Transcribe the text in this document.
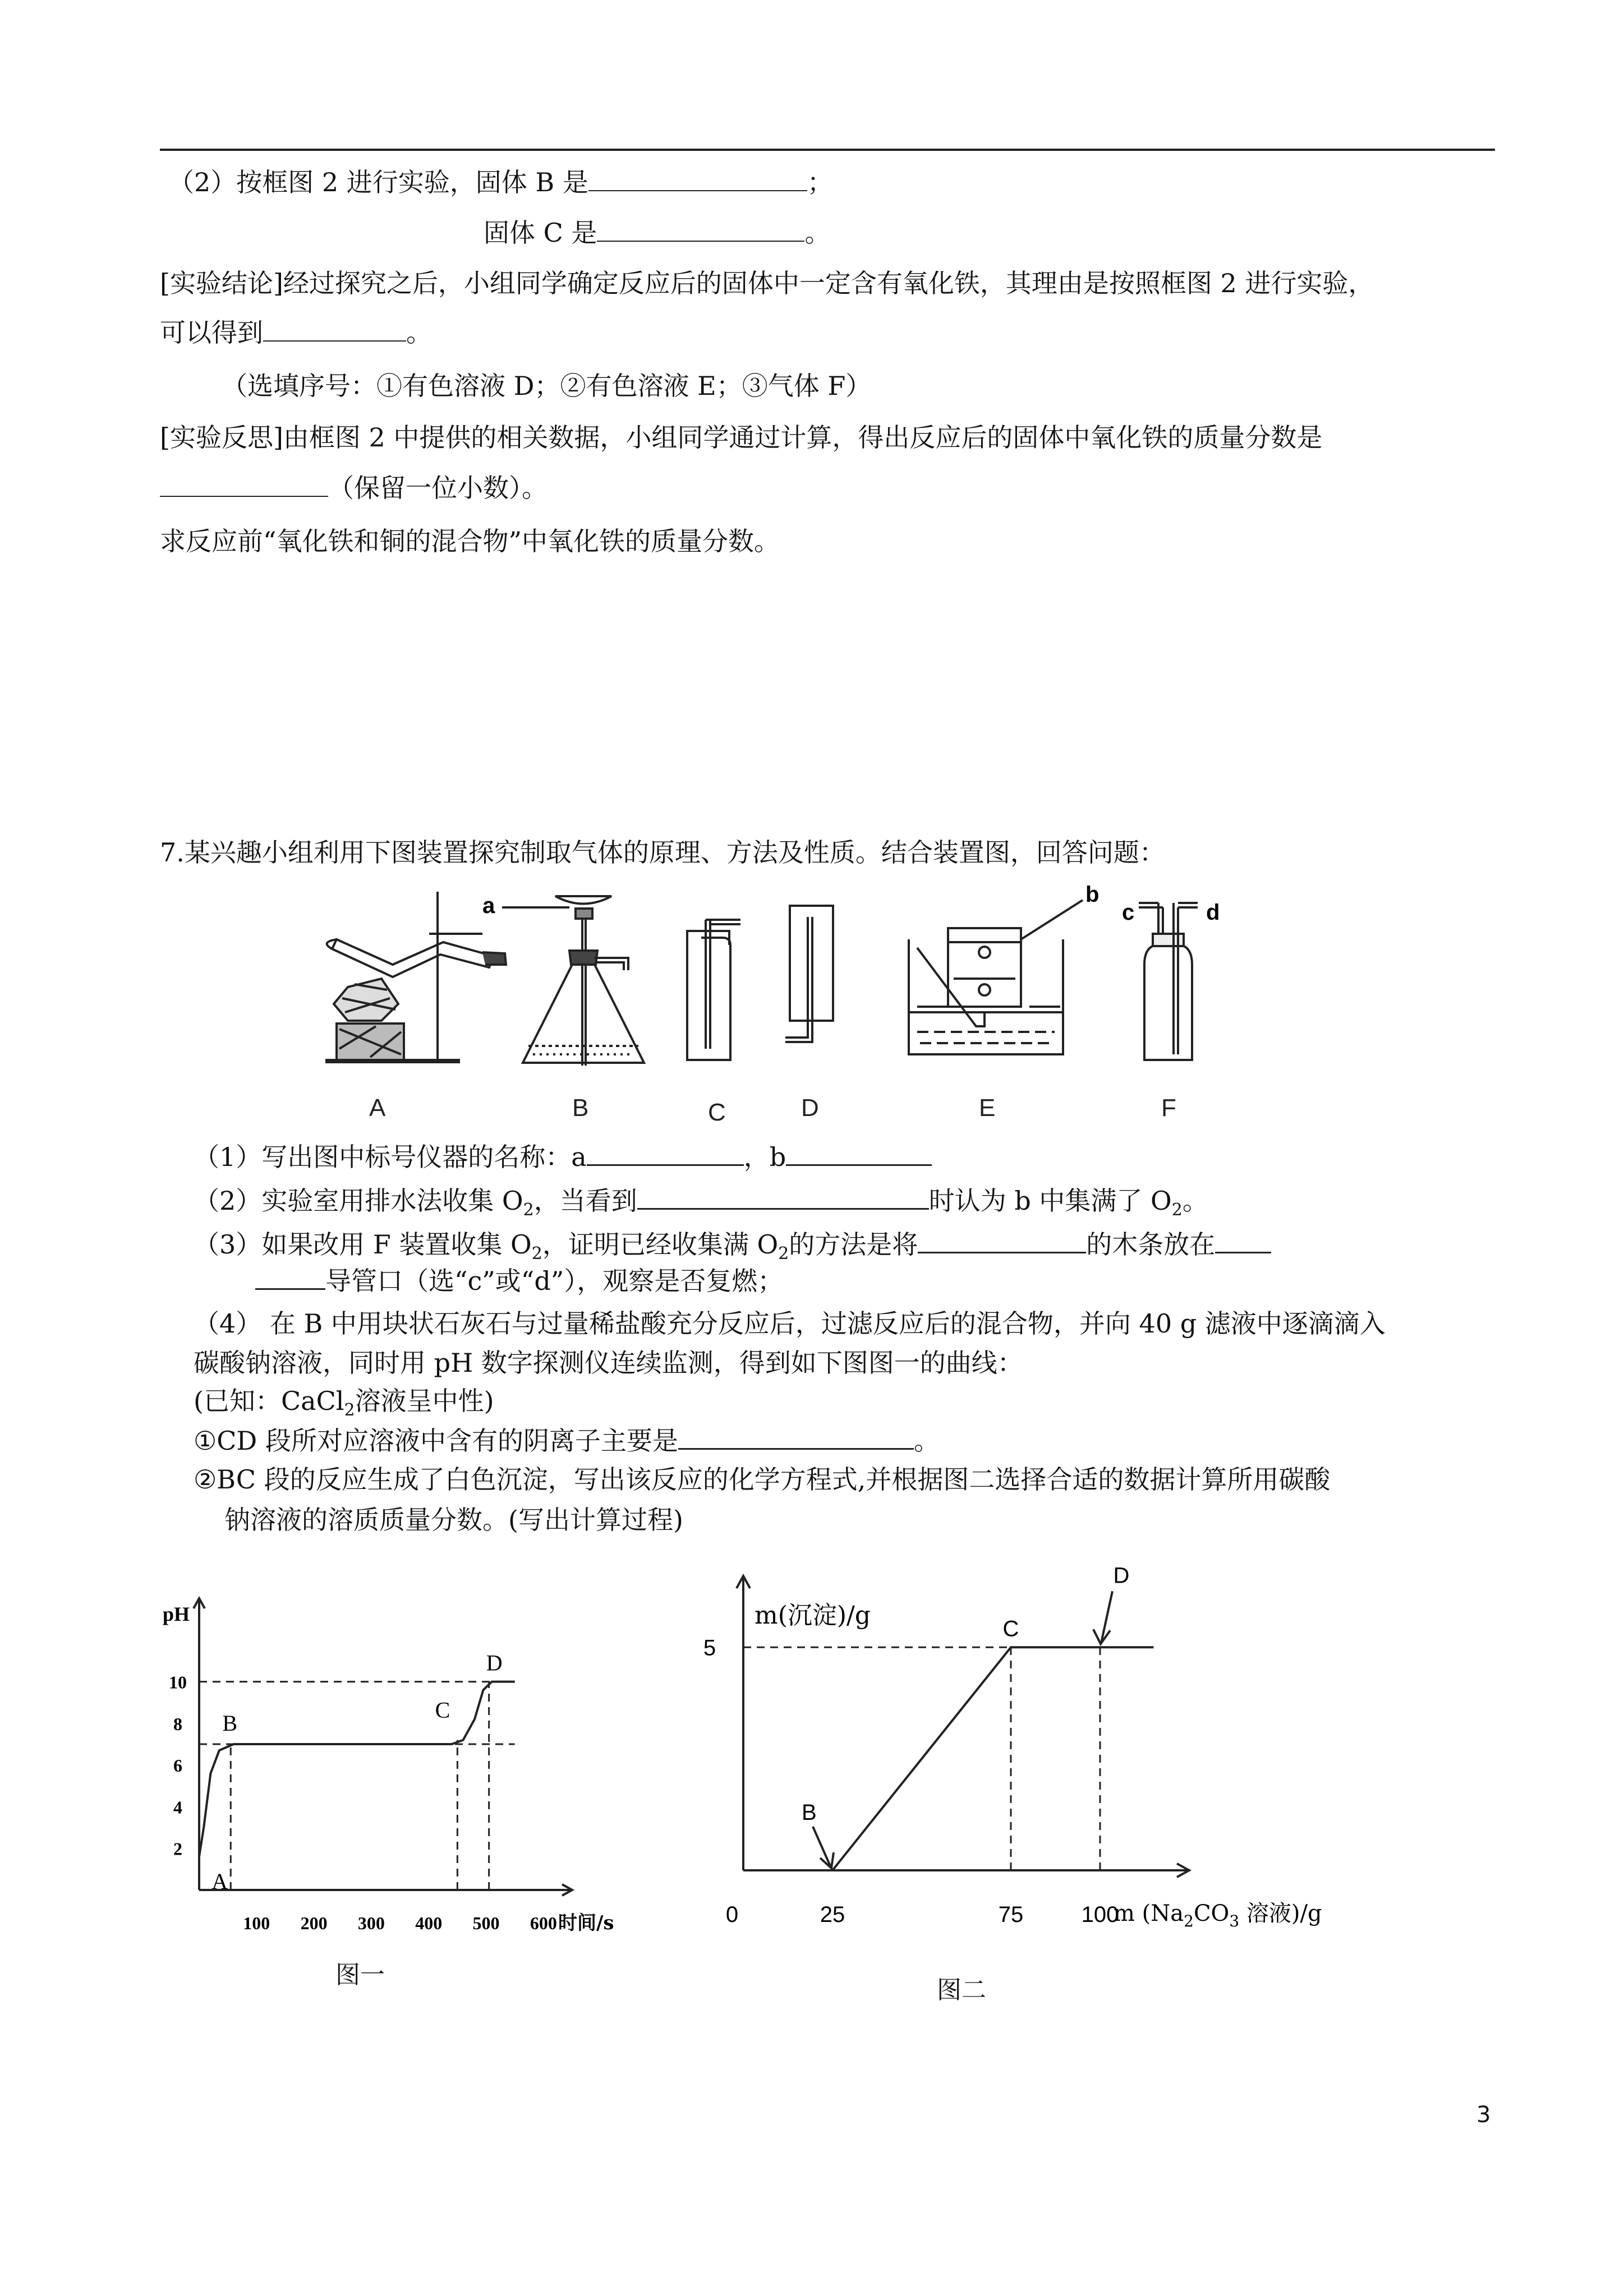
（2）按框图 2 进行实验，固体 B 是	；
固体 C 是	。
[实验结论]经过探究之后，小组同学确定反应后的固体中一定含有氧化铁，其理由是按照框图 2 进行实验，
可以得到	。
（选填序号：①有色溶液 D；②有色溶液 E；③气体 F）
[实验反思]由框图 2 中提供的相关数据，小组同学通过计算，得出反应后的固体中氧化铁的质量分数是
（保留一位小数）。
求反应前“氧化铁和铜的混合物”中氧化铁的质量分数。
7.某兴趣小组利用下图装置探究制取气体的原理、方法及性质。结合装置图，回答问题：
a	b
c	d
A	B	C	D	E	F
（1）写出图中标号仪器的名称：a	，b
（2）实验室用排水法收集 $O_2$，当看到	时认为 b 中集满了 $O_2$。
（3）如果改用 F 装置收集 $O_2$，证明已经收集满 $O_2$的方法是将	的木条放在
导管口（选“c”或“d”），观察是否复燃；
（4） 在 B 中用块状石灰石与过量稀盐酸充分反应后，过滤反应后的混合物，并向 40 g 滤液中逐滴滴入
碳酸钠溶液，同时用 pH 数字探测仪连续监测，得到如下图图一的曲线：
(已知：CaCl$_2$溶液呈中性)
①CD 段所对应溶液中含有的阴离子主要是	。
②BC 段的反应生成了白色沉淀，写出该反应的化学方程式,并根据图二选择合适的数据计算所用碳酸
钠溶液的溶质质量分数。(写出计算过程)
pH
时间/s
2
4
6
8
10
100 200 300 400 500 600
A
B
C
D
图一
m(沉淀)/g
m ($Na_2CO_3$ 溶液)/g
0	25	75	100
5
B
C
D
图二
3
